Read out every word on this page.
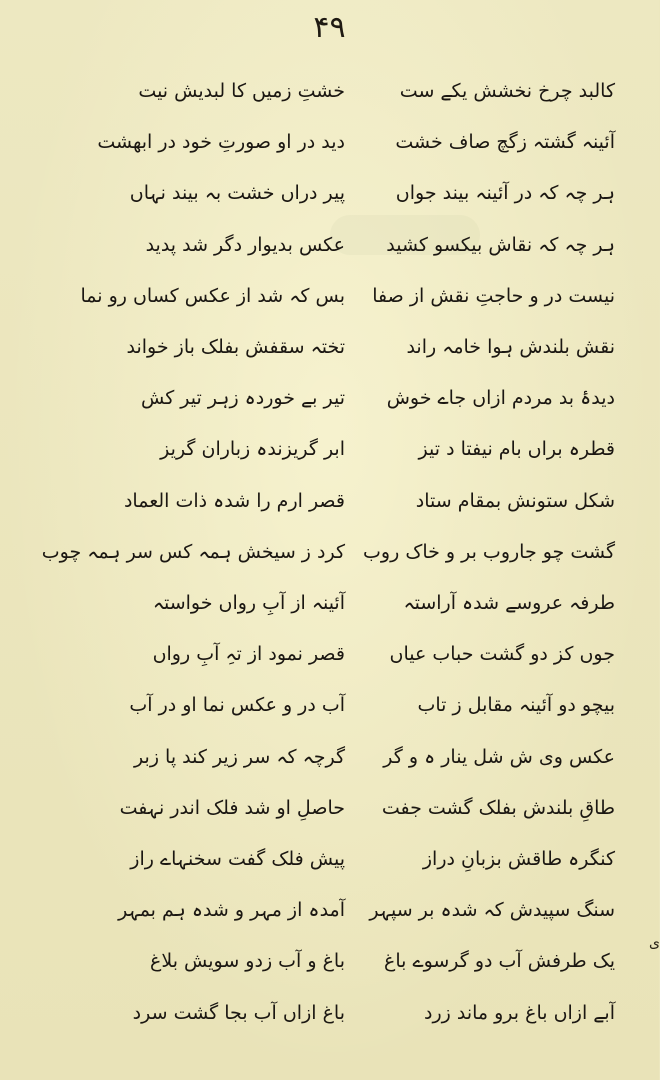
۴۹
کالبد چرخ نخشش یکے ست
خشتِ زمیں کا لبدیش نیت
آئینہ گشتہ زگچ صاف خشت
دید در او صورتِ خود در ابهشت
ہر چہ کہ در آئینہ بیند جواں
پیر دراں خشت بہ بیند نہاں
ہر چہ کہ نقاش بیکسو کشید
عکس بدیوار دگر شد پدید
نیست در و حاجتِ نقش از صفا
بس کہ شد از عکس کساں رو نما
نقش بلندش ہوا خامہ راند
تختہ سقفش بفلک باز خواند
دیدۂ بد مردم ازاں جاے خوش
تیر بے خوردہ زہر تیر کش
قطرہ براں بام نیفتا د تیز
ابر گریزندہ زباران گریز
شکل ستونش بمقام ستاد
قصر ارم را شدہ ذات العماد
گشت چو جاروب بر و خاک روب
کرد ز سیخش ہمہ کس سر ہمہ چوب
طرفہ عروسے شدہ آراستہ
آئینہ از آبِ رواں خواستہ
جوں کز دو گشت حباب عیاں
قصر نمود از تہِ آبِ رواں
بیچو دو آئینہ مقابل ز تاب
آب در و عکس نما او در آب
عکس وی ش شل ینار ہ و گر
گرچہ کہ سر زیر کند پا زبر
طاقِ بلندش بفلک گشت جفت
حاصلِ او شد فلک اندر نہفت
کنگرہ طاقش بزبانِ دراز
پیش فلک گفت سخنہاے راز
سنگ سپیدش کہ شدہ بر سپہر
آمدہ از مہر و شدہ ہم بمہر
یک طرفش آب دو گرسوے باغ
باغ و آب زدو سویش بلاغ
آبے ازاں باغ برو ماند زرد
باغ ازاں آب بجا گشت سرد
ی
